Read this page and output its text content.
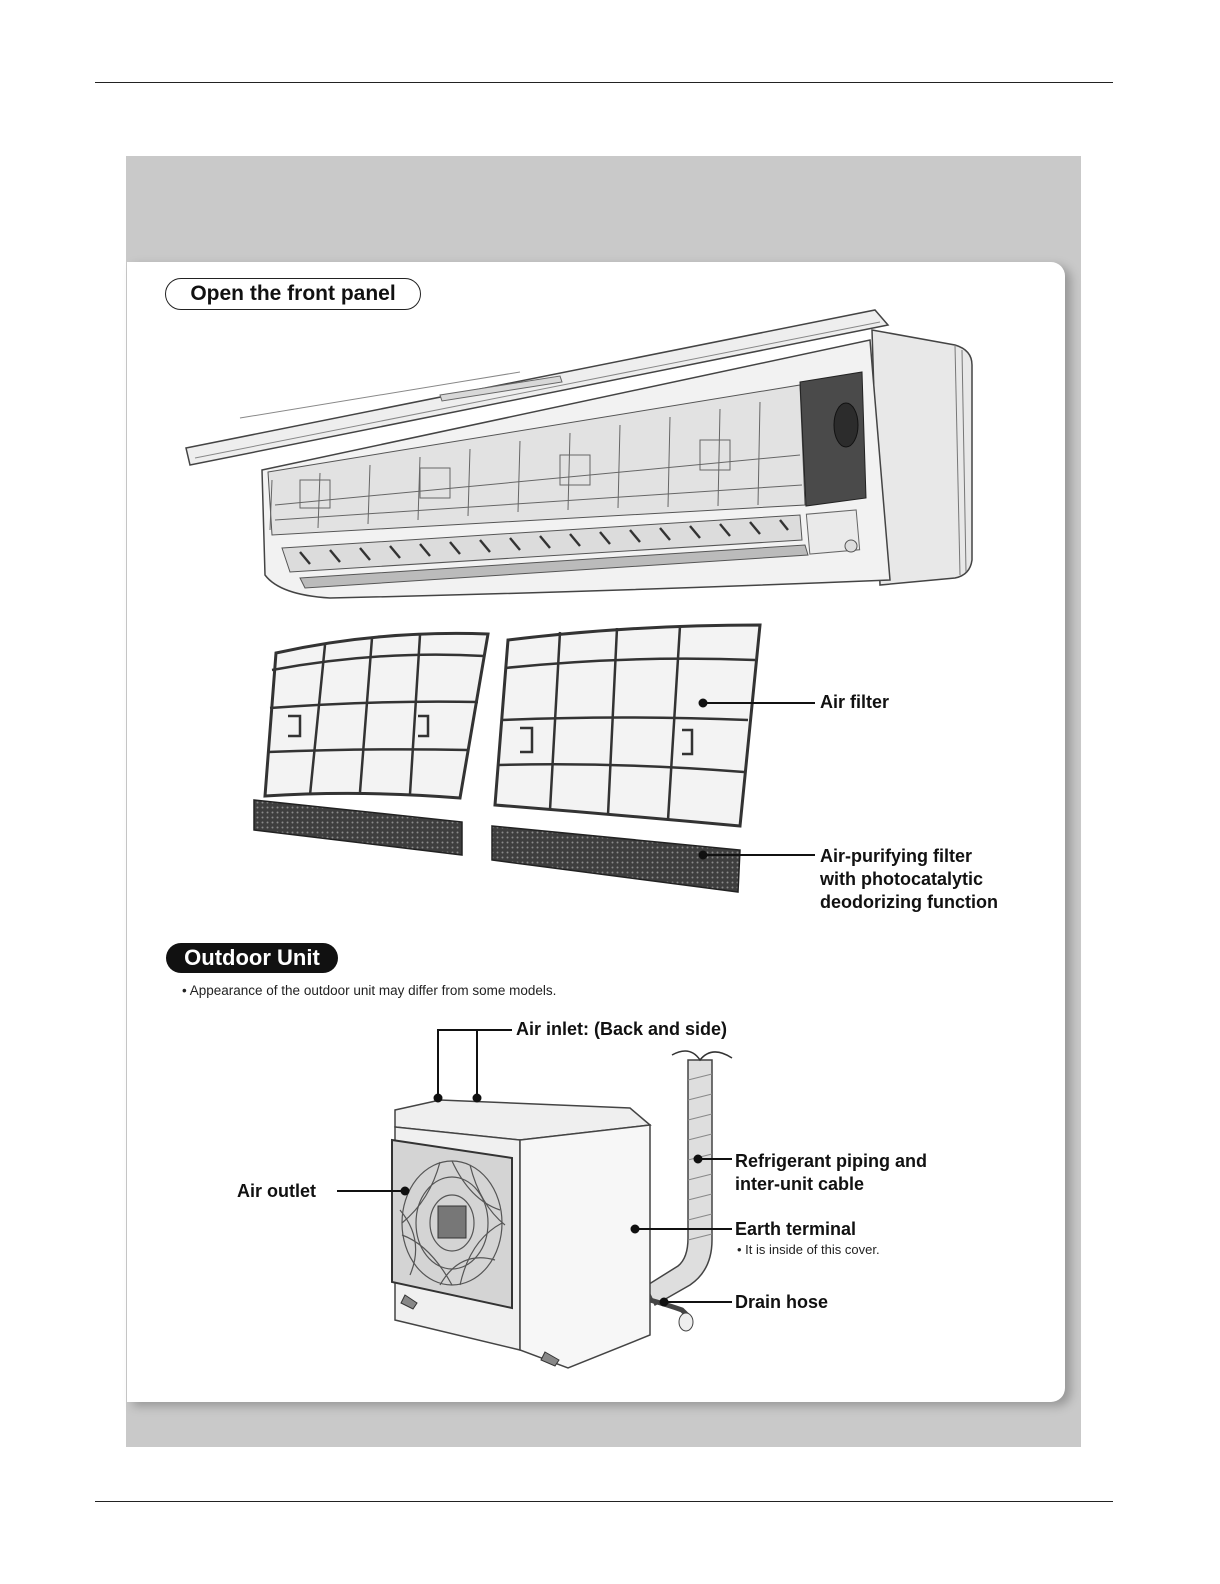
Open the front panel
Outdoor Unit
• Appearance of the outdoor unit may differ from some models.
Air filter
Air-purifying filter
with photocatalytic
deodorizing function
Air inlet: (Back and side)
Air outlet
Refrigerant piping and
inter-unit cable
Earth terminal
• It is inside of this cover.
Drain hose
